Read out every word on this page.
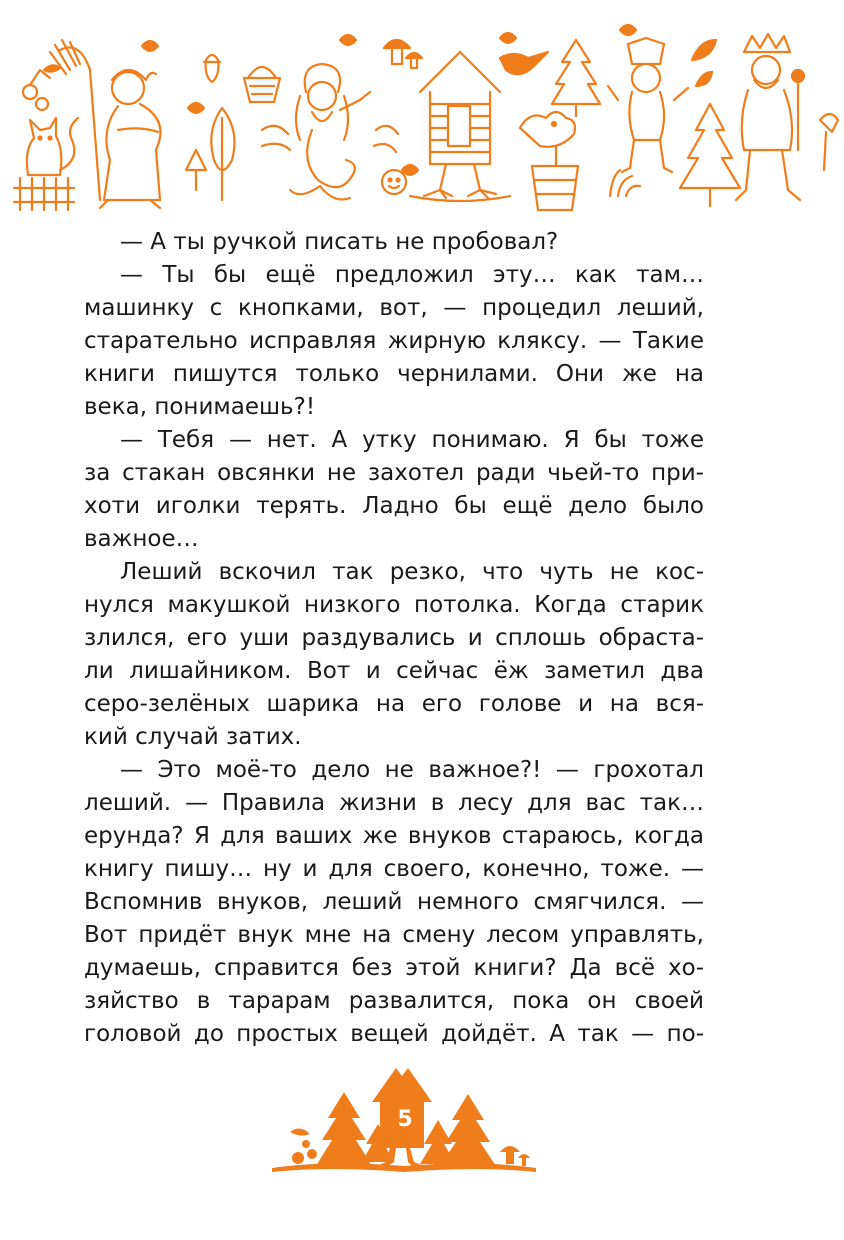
— А ты ручкой писать не пробовал?
— Ты бы ещё предложил эту… как там…
машинку с кнопками, вот, — процедил леший,
старательно исправляя жирную кляксу. — Такие
книги пишутся только чернилами. Они же на
века, понимаешь?!
— Тебя — нет. А утку понимаю. Я бы тоже
за стакан овсянки не захотел ради чьей-то при-
хоти иголки терять. Ладно бы ещё дело было
важное…
Леший вскочил так резко, что чуть не кос-
нулся макушкой низкого потолка. Когда старик
злился, его уши раздувались и сплошь обраста-
ли лишайником. Вот и сейчас ёж заметил два
серо-зелёных шарика на его голове и на вся-
кий случай затих.
— Это моё-то дело не важное?! — грохотал
леший. — Правила жизни в лесу для вас так…
ерунда? Я для ваших же внуков стараюсь, когда
книгу пишу… ну и для своего, конечно, тоже. —
Вспомнив внуков, леший немного смягчился. —
Вот придёт внук мне на смену лесом управлять,
думаешь, справится без этой книги? Да всё хо-
зяйство в тарарам развалится, пока он своей
головой до простых вещей дойдёт. А так — по-
5
